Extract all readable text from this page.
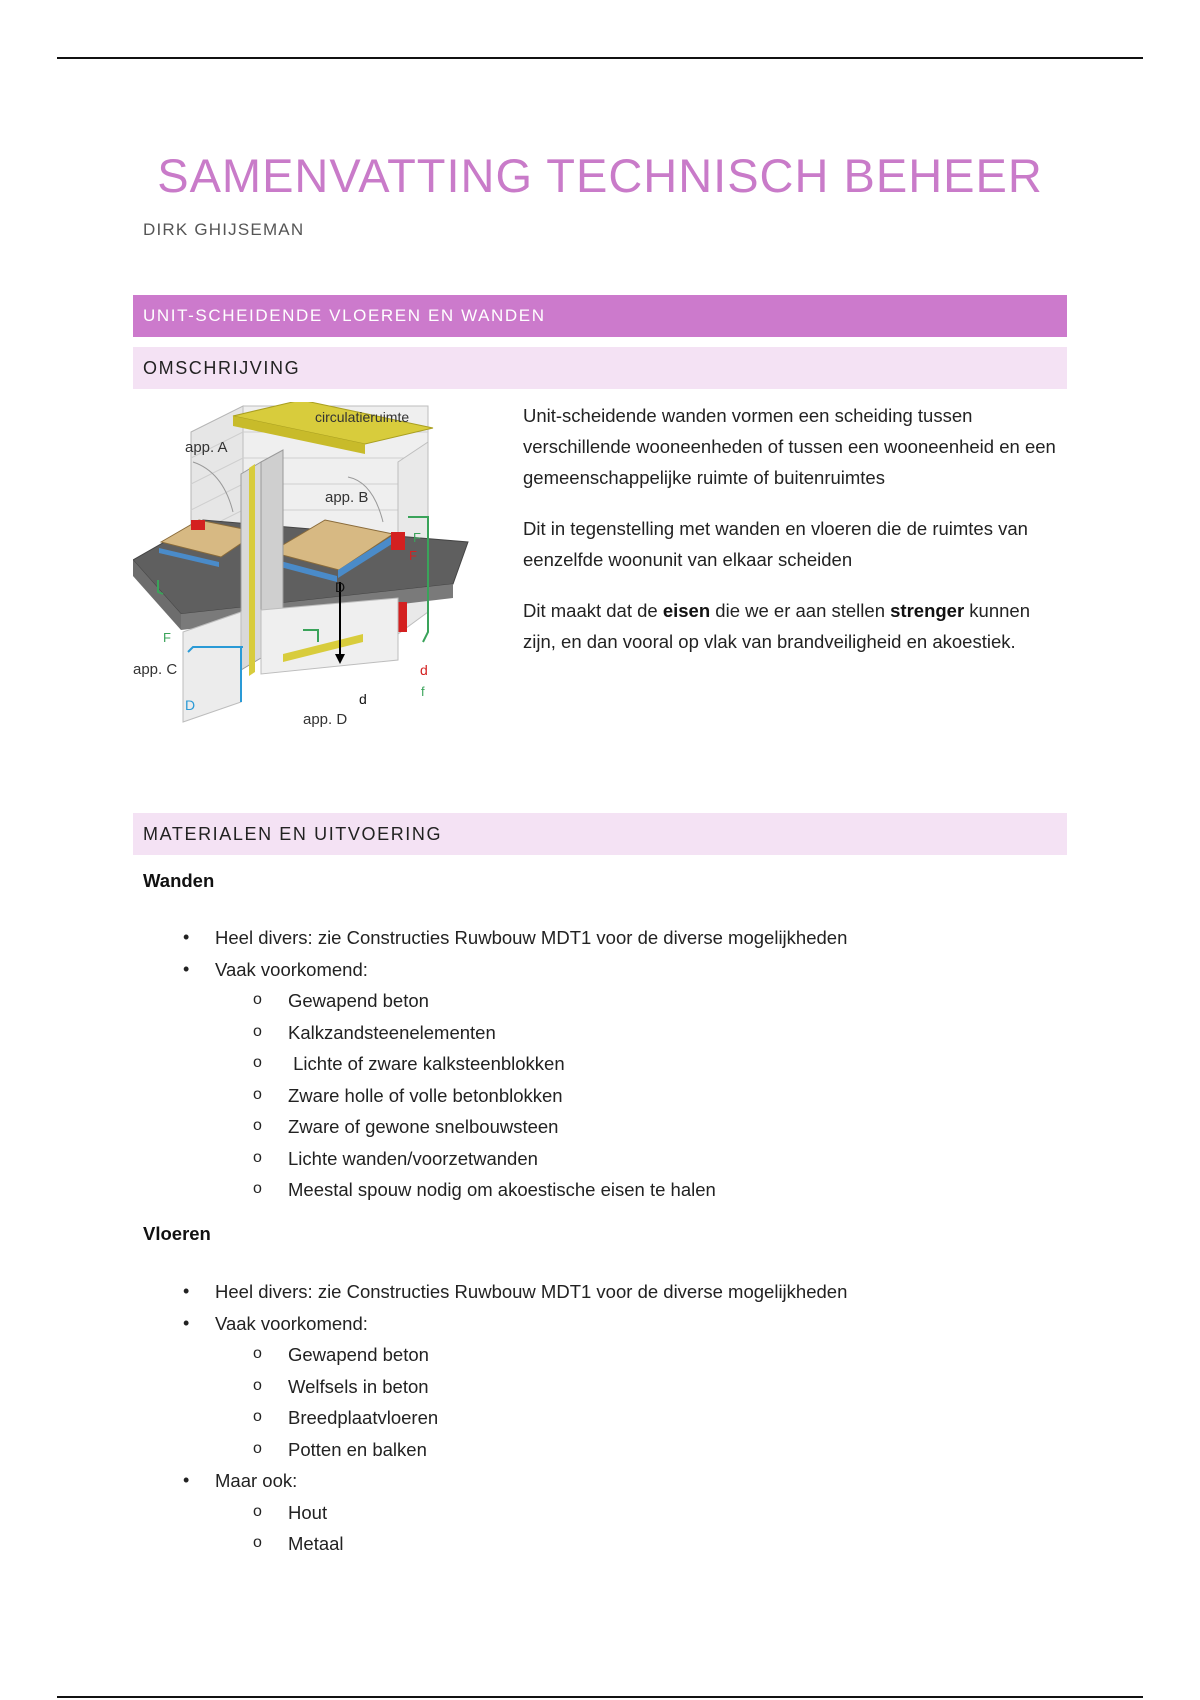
SAMENVATTING TECHNISCH BEHEER
DIRK GHIJSEMAN
UNIT-SCHEIDENDE VLOEREN EN WANDEN
OMSCHRIJVING
circulatieruimte
app. A
app. B
app. C
app. D
D
D
d
d
F
F
F
f

Unit-scheidende wanden vormen een scheiding tussen verschillende wooneenheden of tussen een wooneenheid en een gemeenschappelijke ruimte of buitenruimtes

Dit in tegenstelling met wanden en vloeren die de ruimtes van eenzelfde woonunit van elkaar scheiden

Dit maakt dat de eisen die we er aan stellen strenger kunnen zijn, en dan vooral op vlak van brandveiligheid en akoestiek.

MATERIALEN EN UITVOERING
Wanden
• Heel divers: zie Constructies Ruwbouw MDT1 voor de diverse mogelijkheden
• Vaak voorkomend:
o Gewapend beton
o Kalkzandsteenelementen
o  Lichte of zware kalksteenblokken
o Zware holle of volle betonblokken
o Zware of gewone snelbouwsteen
o Lichte wanden/voorzetwanden
o Meestal spouw nodig om akoestische eisen te halen
Vloeren
• Heel divers: zie Constructies Ruwbouw MDT1 voor de diverse mogelijkheden
• Vaak voorkomend:
o Gewapend beton
o Welfsels in beton
o Breedplaatvloeren
o Potten en balken
• Maar ook:
o Hout
o Metaal
